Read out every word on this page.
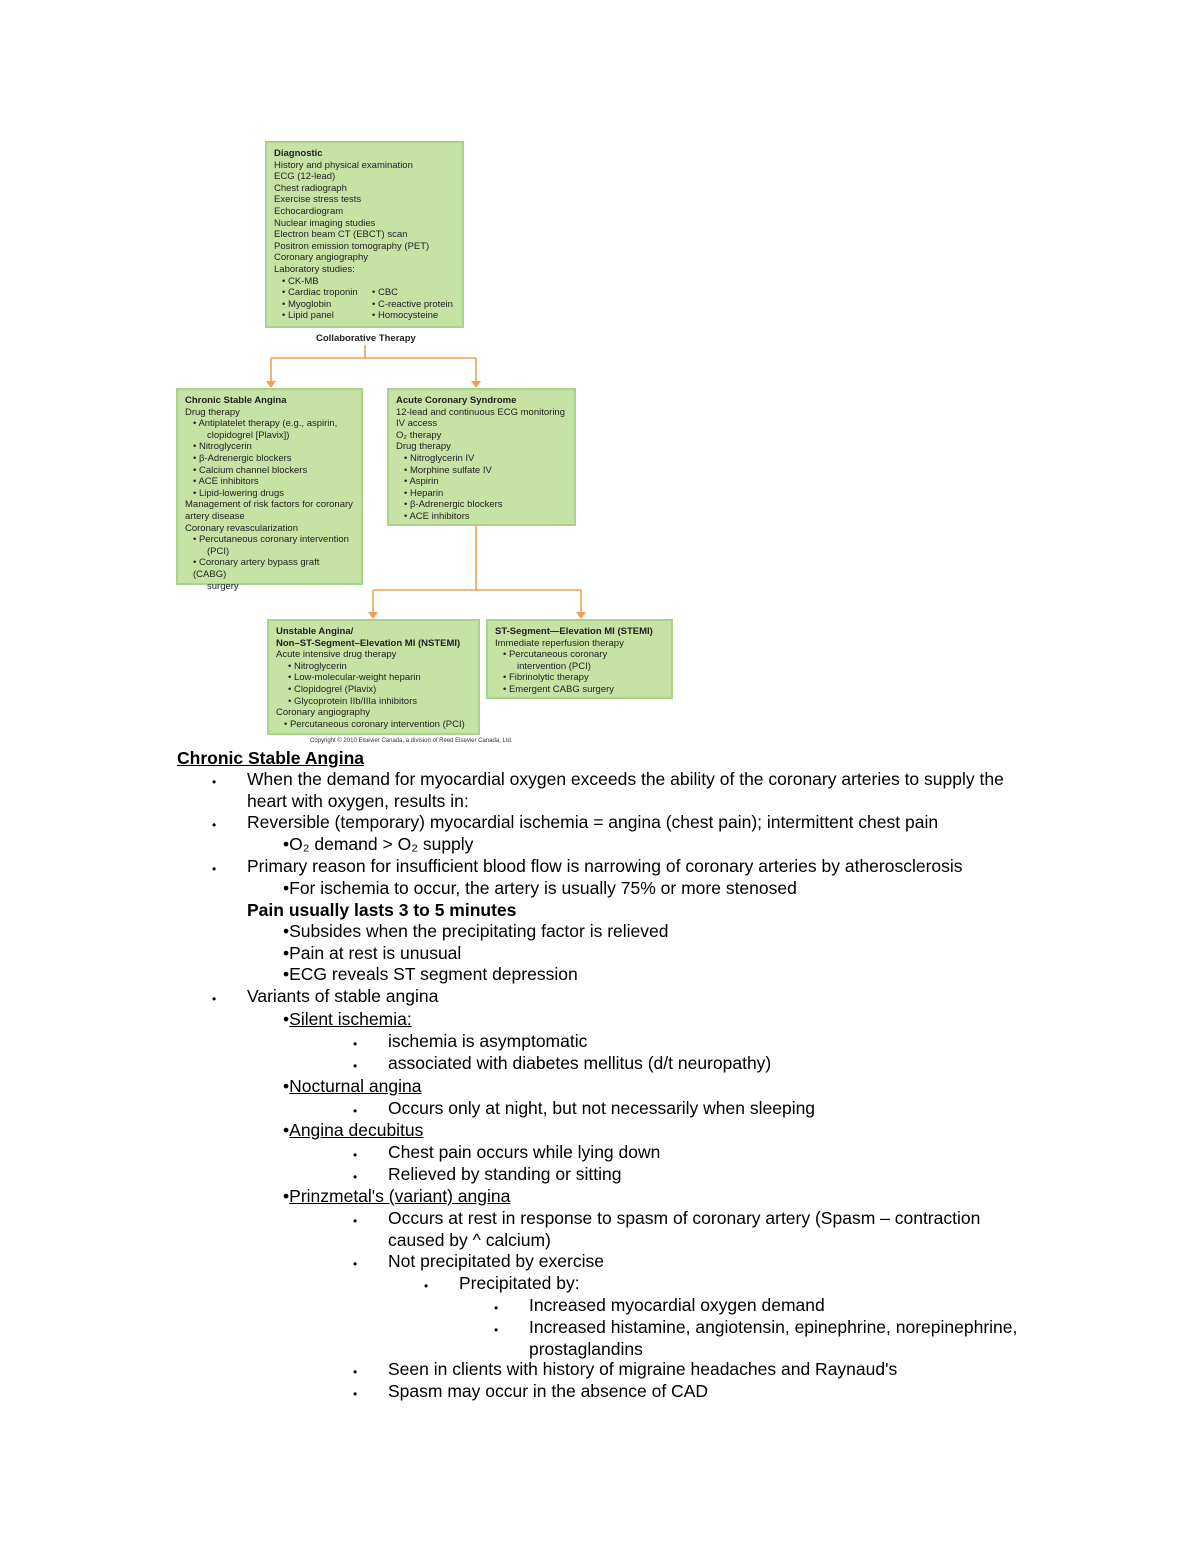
Diagnostic
History and physical examination
ECG (12-lead)
Chest radiograph
Exercise stress tests
Echocardiogram
Nuclear imaging studies
Electron beam CT (EBCT) scan
Positron emission tomography (PET)
Coronary angiography
Laboratory studies:
• CK-MB
• Cardiac troponin
• Myoglobin
• Lipid panel

• CBC
• C-reactive protein
• Homocysteine
Collaborative Therapy
Chronic Stable Angina
Drug therapy
• Antiplatelet therapy (e.g., aspirin,
clopidogrel [Plavix])
• Nitroglycerin
• β-Adrenergic blockers
• Calcium channel blockers
• ACE inhibitors
• Lipid-lowering drugs
Management of risk factors for coronary
artery disease
Coronary revascularization
• Percutaneous coronary intervention
(PCI)
• Coronary artery bypass graft (CABG)
surgery
Acute Coronary Syndrome
12-lead and continuous ECG monitoring
IV access
O₂ therapy
Drug therapy
• Nitroglycerin IV
• Morphine sulfate IV
• Aspirin
• Heparin
• β-Adrenergic blockers
• ACE inhibitors
Unstable Angina/
Non–ST-Segment–Elevation MI (NSTEMI)
Acute intensive drug therapy
• Nitroglycerin
• Low-molecular-weight heparin
• Clopidogrel (Plavix)
• Glycoprotein IIb/IIIa inhibitors
Coronary angiography
• Percutaneous coronary intervention (PCI)
ST-Segment—Elevation MI (STEMI)
Immediate reperfusion therapy
• Percutaneous coronary
intervention (PCI)
• Fibrinolytic therapy
• Emergent CABG surgery
Copyright © 2010 Elsevier Canada, a division of Reed Elsevier Canada, Ltd.
Chronic Stable Angina
• When the demand for myocardial oxygen exceeds the ability of the coronary arteries to supply the
heart with oxygen, results in:
• Reversible (temporary) myocardial ischemia = angina (chest pain); intermittent chest pain
•O₂ demand > O₂ supply
• Primary reason for insufficient blood flow is narrowing of coronary arteries by atherosclerosis
•For ischemia to occur, the artery is usually 75% or more stenosed
Pain usually lasts 3 to 5 minutes
•Subsides when the precipitating factor is relieved
•Pain at rest is unusual
•ECG reveals ST segment depression
• Variants of stable angina
•Silent ischemia:
• ischemia is asymptomatic
• associated with diabetes mellitus (d/t neuropathy)
•Nocturnal angina
• Occurs only at night, but not necessarily when sleeping
•Angina decubitus
• Chest pain occurs while lying down
• Relieved by standing or sitting
•Prinzmetal's (variant) angina
• Occurs at rest in response to spasm of coronary artery (Spasm – contraction
caused by ^ calcium)
• Not precipitated by exercise
• Precipitated by:
• Increased myocardial oxygen demand
• Increased histamine, angiotensin, epinephrine, norepinephrine,
prostaglandins
• Seen in clients with history of migraine headaches and Raynaud's
• Spasm may occur in the absence of CAD
